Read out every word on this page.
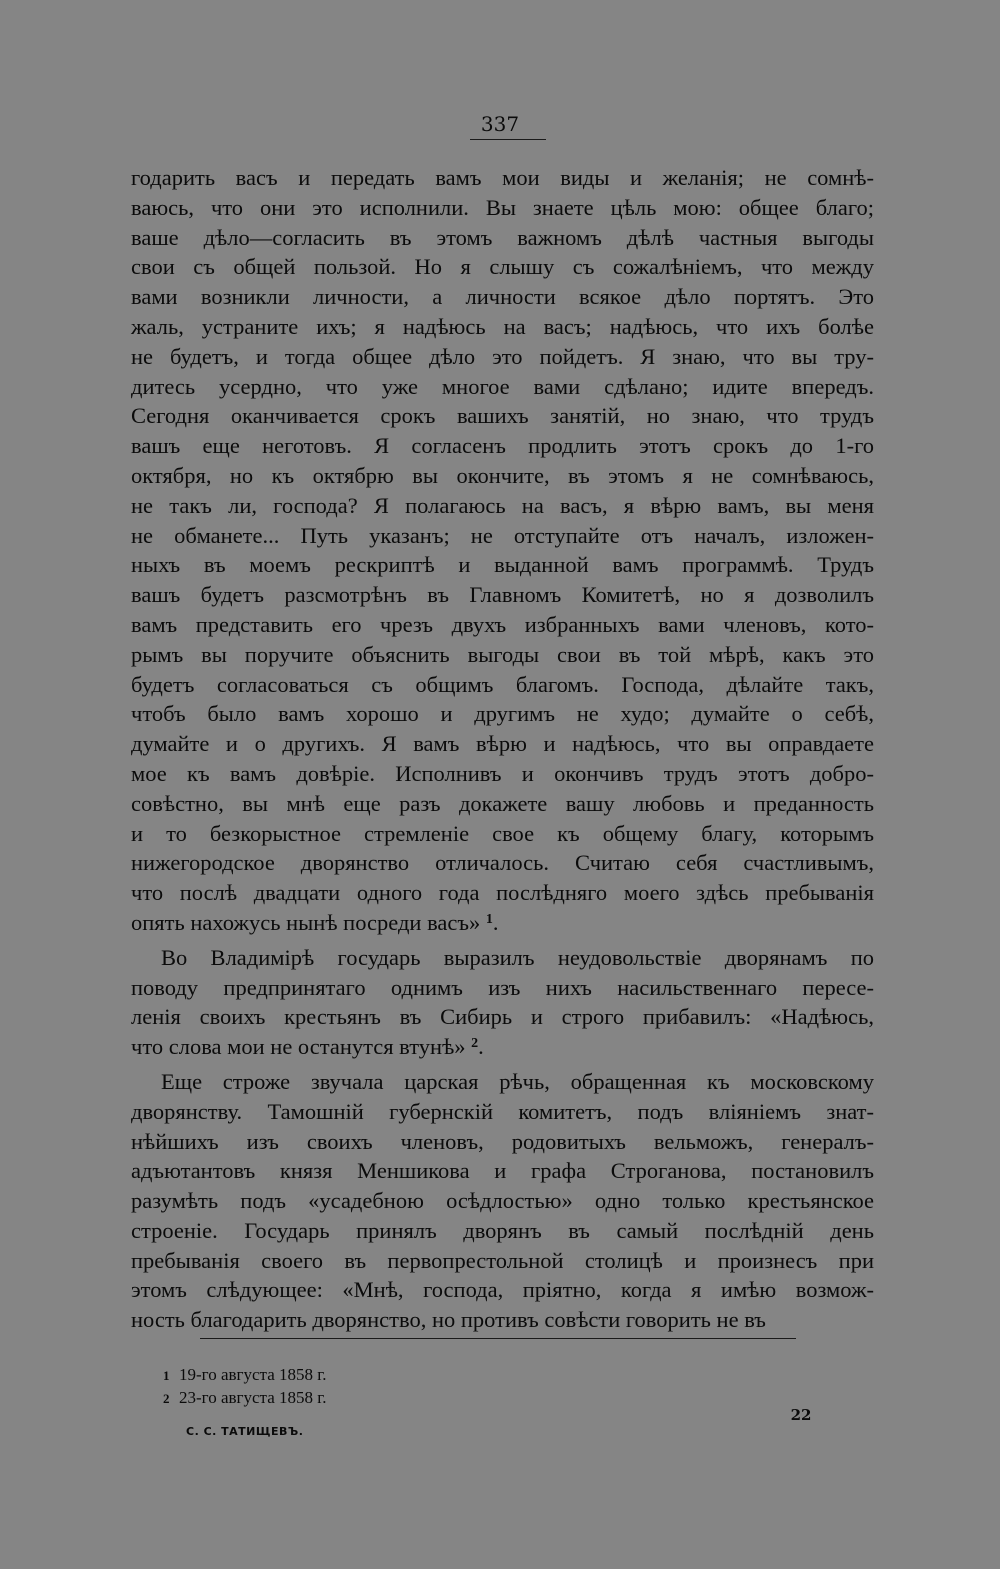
337
годарить васъ и передать вамъ мои виды и желанія; не сомнѣ-
ваюсь, что они это исполнили. Вы знаете цѣль мою: общее благо;
ваше дѣло—согласить въ этомъ важномъ дѣлѣ частныя выгоды
свои съ общей пользой. Но я слышу съ сожалѣніемъ, что между
вами возникли личности, а личности всякое дѣло портятъ. Это
жаль, устраните ихъ; я надѣюсь на васъ; надѣюсь, что ихъ болѣе
не будетъ, и тогда общее дѣло это пойдетъ. Я знаю, что вы тру-
дитесь усердно, что уже многое вами сдѣлано; идите впередъ.
Сегодня оканчивается срокъ вашихъ занятій, но знаю, что трудъ
вашъ еще неготовъ. Я согласенъ продлить этотъ срокъ до 1-го
октября, но къ октябрю вы окончите, въ этомъ я не сомнѣваюсь,
не такъ ли, господа? Я полагаюсь на васъ, я вѣрю вамъ, вы меня
не обманете... Путь указанъ; не отступайте отъ началъ, изложен-
ныхъ въ моемъ рескриптѣ и выданной вамъ программѣ. Трудъ
вашъ будетъ разсмотрѣнъ въ Главномъ Комитетѣ, но я дозволилъ
вамъ представить его чрезъ двухъ избранныхъ вами членовъ, кото-
рымъ вы поручите объяснить выгоды свои въ той мѣрѣ, какъ это
будетъ согласоваться съ общимъ благомъ. Господа, дѣлайте такъ,
чтобъ было вамъ хорошо и другимъ не худо; думайте о себѣ,
думайте и о другихъ. Я вамъ вѣрю и надѣюсь, что вы оправдаете
мое къ вамъ довѣріе. Исполнивъ и окончивъ трудъ этотъ добро-
совѣстно, вы мнѣ еще разъ докажете вашу любовь и преданность
и то безкорыстное стремленіе свое къ общему благу, которымъ
нижегородское дворянство отличалось. Считаю себя счастливымъ,
что послѣ двадцати одного года послѣдняго моего здѣсь пребыванія
опять нахожусь нынѣ посреди васъ» $^1$.
Во Владимірѣ государь выразилъ неудовольствіе дворянамъ по
поводу предпринятаго однимъ изъ нихъ насильственнаго пересе-
ленія своихъ крестьянъ въ Сибирь и строго прибавилъ: «Надѣюсь,
что слова мои не останутся втунѣ» $^2$.
Еще строже звучала царская рѣчь, обращенная къ московскому
дворянству. Тамошній губернскій комитетъ, подъ вліяніемъ знат-
нѣйшихъ изъ своихъ членовъ, родовитыхъ вельможъ, генералъ-
адъютантовъ князя Меншикова и графа Строганова, постановилъ
разумѣть подъ «усадебною осѣдлостью» одно только крестьянское
строеніе. Государь принялъ дворянъ въ самый послѣдній день
пребыванія своего въ первопрестольной столицѣ и произнесъ при
этомъ слѣдующее: «Мнѣ, господа, пріятно, когда я имѣю возмож-
ность благодарить дворянство, но противъ совѣсти говорить не въ
1 19-го августа 1858 г.
2 23-го августа 1858 г.
С. С. ТАТИЩЕВЪ.
22
